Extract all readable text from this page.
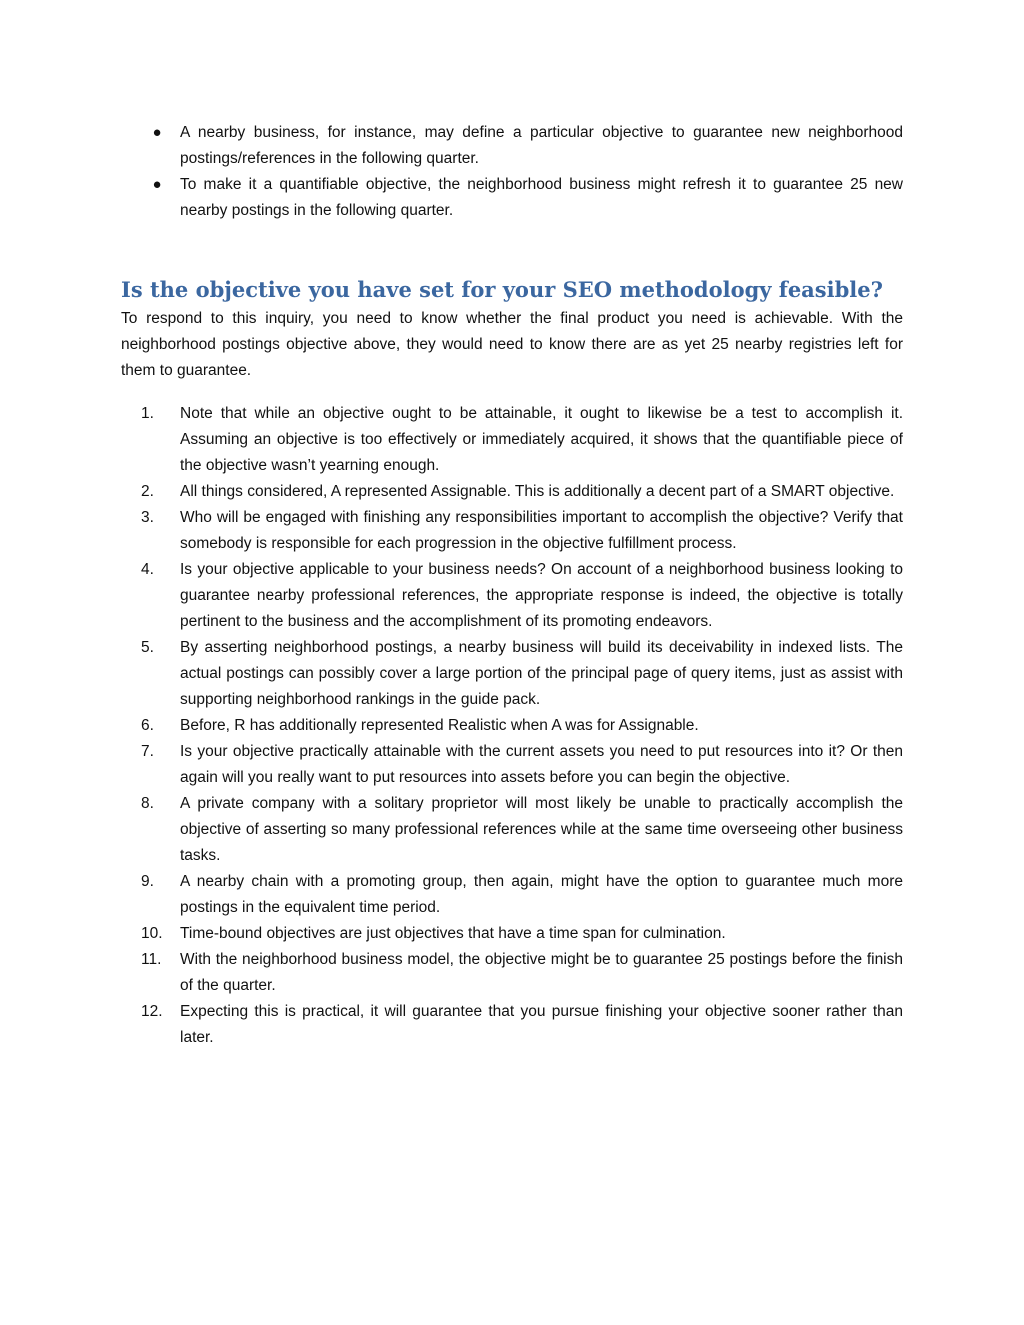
● A nearby business, for instance, may define a particular objective to guarantee new neighborhood postings/references in the following quarter.
● To make it a quantifiable objective, the neighborhood business might refresh it to guarantee 25 new nearby postings in the following quarter.
Is the objective you have set for your SEO methodology feasible?

To respond to this inquiry, you need to know whether the final product you need is achievable. With the neighborhood postings objective above, they would need to know there are as yet 25 nearby registries left for them to guarantee.

1.	Note that while an objective ought to be attainable, it ought to likewise be a test to accomplish it. Assuming an objective is too effectively or immediately acquired, it shows that the quantifiable piece of the objective wasn’t yearning enough.
2.	All things considered, A represented Assignable. This is additionally a decent part of a SMART objective.
3.	Who will be engaged with finishing any responsibilities important to accomplish the objective? Verify that somebody is responsible for each progression in the objective fulfillment process.
4.	Is your objective applicable to your business needs? On account of a neighborhood business looking to guarantee nearby professional references, the appropriate response is indeed, the objective is totally pertinent to the business and the accomplishment of its promoting endeavors.
5.	By asserting neighborhood postings, a nearby business will build its deceivability in indexed lists. The actual postings can possibly cover a large portion of the principal page of query items, just as assist with supporting neighborhood rankings in the guide pack.
6.	Before, R has additionally represented Realistic when A was for Assignable.
7.	Is your objective practically attainable with the current assets you need to put resources into it? Or then again will you really want to put resources into assets before you can begin the objective.
8.	A private company with a solitary proprietor will most likely be unable to practically accomplish the objective of asserting so many professional references while at the same time overseeing other business tasks.
9.	A nearby chain with a promoting group, then again, might have the option to guarantee much more postings in the equivalent time period.
10.	Time-bound objectives are just objectives that have a time span for culmination.
11.	With the neighborhood business model, the objective might be to guarantee 25 postings before the finish of the quarter.
12.	Expecting this is practical, it will guarantee that you pursue finishing your objective sooner rather than later.
